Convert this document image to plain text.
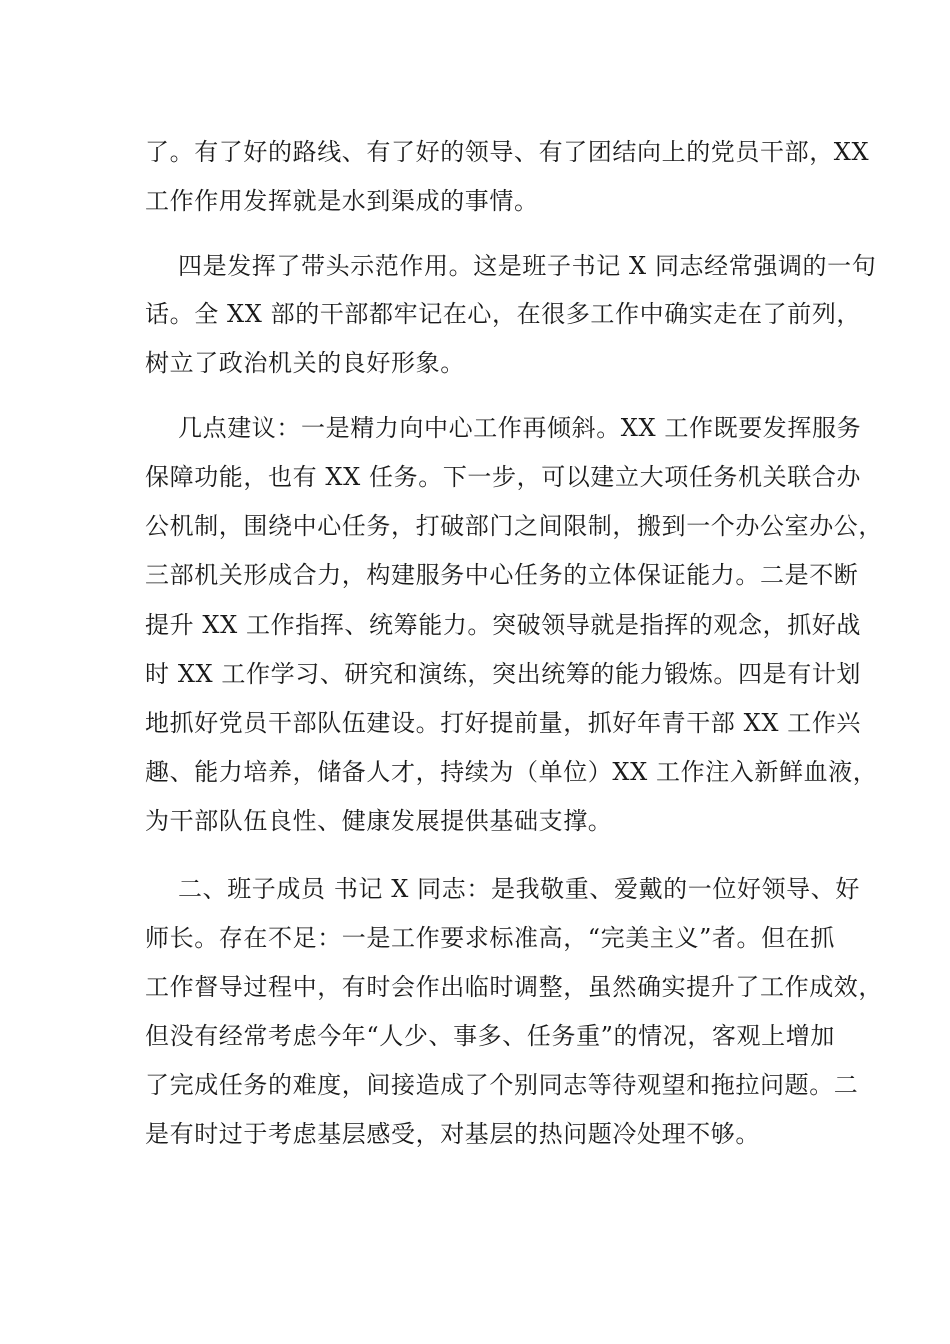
了。有了好的路线、有了好的领导、有了团结向上的党员干部，XX
工作作用发挥就是水到渠成的事情。
四是发挥了带头示范作用。这是班子书记 X 同志经常强调的一句
话。全 XX 部的干部都牢记在心，在很多工作中确实走在了前列，
树立了政治机关的良好形象。
几点建议：一是精力向中心工作再倾斜。XX 工作既要发挥服务
保障功能，也有 XX 任务。下一步，可以建立大项任务机关联合办
公机制，围绕中心任务，打破部门之间限制，搬到一个办公室办公，
三部机关形成合力，构建服务中心任务的立体保证能力。二是不断
提升 XX 工作指挥、统筹能力。突破领导就是指挥的观念，抓好战
时 XX 工作学习、研究和演练，突出统筹的能力锻炼。四是有计划
地抓好党员干部队伍建设。打好提前量，抓好年青干部 XX 工作兴
趣、能力培养，储备人才，持续为（单位）XX 工作注入新鲜血液，
为干部队伍良性、健康发展提供基础支撑。
二、班子成员 书记 X 同志：是我敬重、爱戴的一位好领导、好
师长。存在不足：一是工作要求标准高，“完美主义”者。但在抓
工作督导过程中，有时会作出临时调整，虽然确实提升了工作成效，
但没有经常考虑今年“人少、事多、任务重”的情况，客观上增加
了完成任务的难度，间接造成了个别同志等待观望和拖拉问题。二
是有时过于考虑基层感受，对基层的热问题冷处理不够。
